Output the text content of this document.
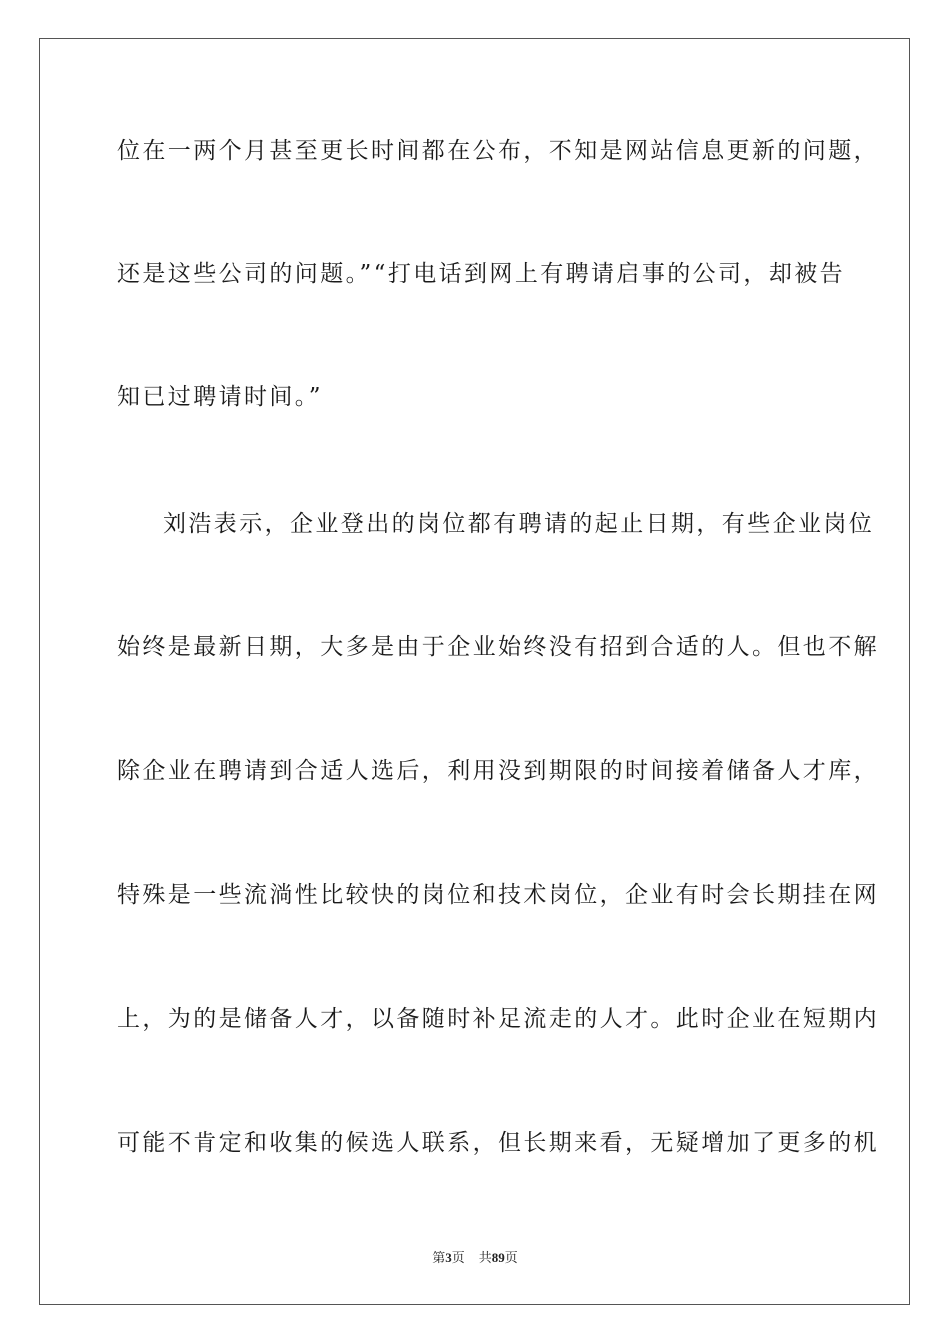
位在一两个月甚至更长时间都在公布，不知是网站信息更新的问题，
还是这些公司的问题。”“打电话到网上有聘请启事的公司，却被告
知已过聘请时间。”
刘浩表示，企业登出的岗位都有聘请的起止日期，有些企业岗位
始终是最新日期，大多是由于企业始终没有招到合适的人。但也不解
除企业在聘请到合适人选后，利用没到期限的时间接着储备人才库，
特殊是一些流淌性比较快的岗位和技术岗位，企业有时会长期挂在网
上，为的是储备人才，以备随时补足流走的人才。此时企业在短期内
可能不肯定和收集的候选人联系，但长期来看，无疑增加了更多的机
第3页 共89页
